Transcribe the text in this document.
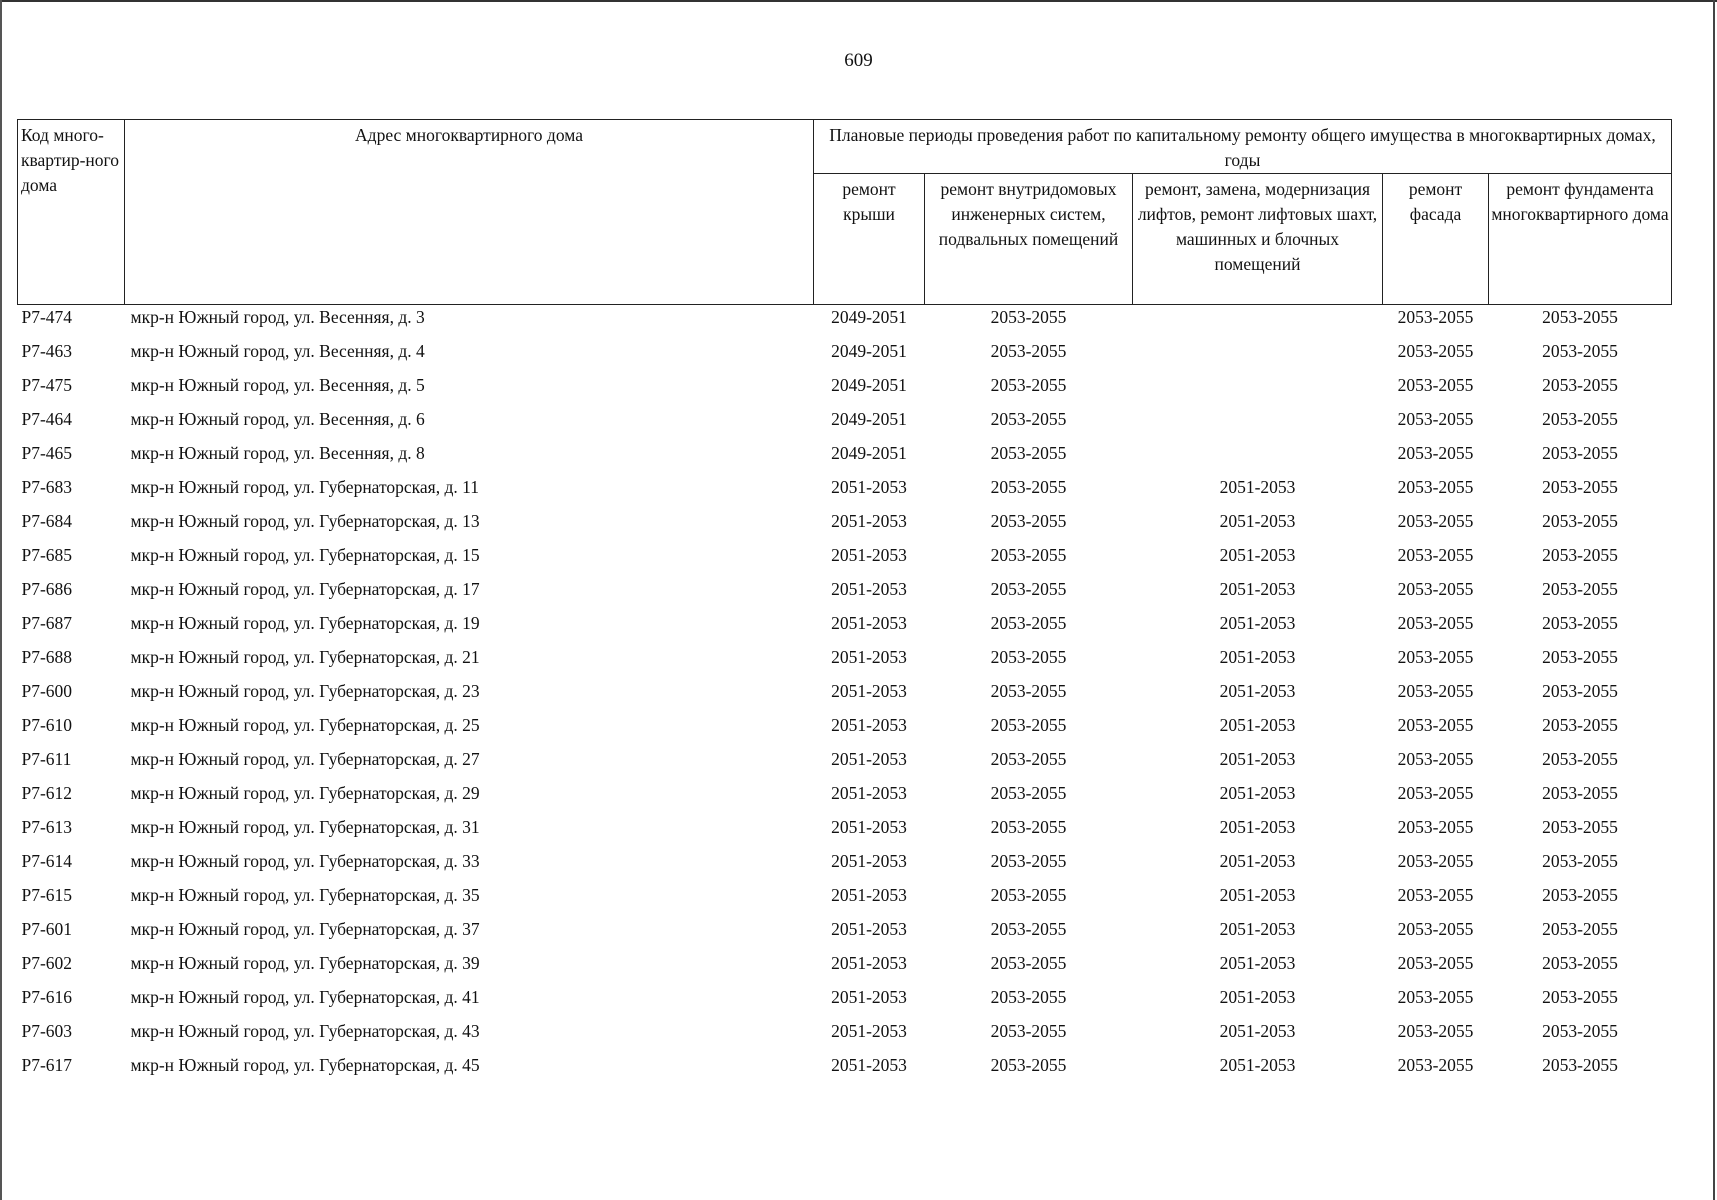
609
Код много-квартир-ного дома	Адрес многоквартирного дома	Плановые периоды проведения работ по капитальному ремонту общего имущества в многоквартирных домах, годы				
		ремонт крыши	ремонт внутридомовых инженерных систем, подвальных помещений	ремонт, замена, модернизация лифтов, ремонт лифтовых шахт, машинных и блочных помещений	ремонт фасада	ремонт фундамента многоквартирного дома
Р7-474	мкр-н Южный город, ул. Весенняя, д. 3	2049-2051	2053-2055		2053-2055	2053-2055
Р7-463	мкр-н Южный город, ул. Весенняя, д. 4	2049-2051	2053-2055		2053-2055	2053-2055
Р7-475	мкр-н Южный город, ул. Весенняя, д. 5	2049-2051	2053-2055		2053-2055	2053-2055
Р7-464	мкр-н Южный город, ул. Весенняя, д. 6	2049-2051	2053-2055		2053-2055	2053-2055
Р7-465	мкр-н Южный город, ул. Весенняя, д. 8	2049-2051	2053-2055		2053-2055	2053-2055
Р7-683	мкр-н Южный город, ул. Губернаторская, д. 11	2051-2053	2053-2055	2051-2053	2053-2055	2053-2055
Р7-684	мкр-н Южный город, ул. Губернаторская, д. 13	2051-2053	2053-2055	2051-2053	2053-2055	2053-2055
Р7-685	мкр-н Южный город, ул. Губернаторская, д. 15	2051-2053	2053-2055	2051-2053	2053-2055	2053-2055
Р7-686	мкр-н Южный город, ул. Губернаторская, д. 17	2051-2053	2053-2055	2051-2053	2053-2055	2053-2055
Р7-687	мкр-н Южный город, ул. Губернаторская, д. 19	2051-2053	2053-2055	2051-2053	2053-2055	2053-2055
Р7-688	мкр-н Южный город, ул. Губернаторская, д. 21	2051-2053	2053-2055	2051-2053	2053-2055	2053-2055
Р7-600	мкр-н Южный город, ул. Губернаторская, д. 23	2051-2053	2053-2055	2051-2053	2053-2055	2053-2055
Р7-610	мкр-н Южный город, ул. Губернаторская, д. 25	2051-2053	2053-2055	2051-2053	2053-2055	2053-2055
Р7-611	мкр-н Южный город, ул. Губернаторская, д. 27	2051-2053	2053-2055	2051-2053	2053-2055	2053-2055
Р7-612	мкр-н Южный город, ул. Губернаторская, д. 29	2051-2053	2053-2055	2051-2053	2053-2055	2053-2055
Р7-613	мкр-н Южный город, ул. Губернаторская, д. 31	2051-2053	2053-2055	2051-2053	2053-2055	2053-2055
Р7-614	мкр-н Южный город, ул. Губернаторская, д. 33	2051-2053	2053-2055	2051-2053	2053-2055	2053-2055
Р7-615	мкр-н Южный город, ул. Губернаторская, д. 35	2051-2053	2053-2055	2051-2053	2053-2055	2053-2055
Р7-601	мкр-н Южный город, ул. Губернаторская, д. 37	2051-2053	2053-2055	2051-2053	2053-2055	2053-2055
Р7-602	мкр-н Южный город, ул. Губернаторская, д. 39	2051-2053	2053-2055	2051-2053	2053-2055	2053-2055
Р7-616	мкр-н Южный город, ул. Губернаторская, д. 41	2051-2053	2053-2055	2051-2053	2053-2055	2053-2055
Р7-603	мкр-н Южный город, ул. Губернаторская, д. 43	2051-2053	2053-2055	2051-2053	2053-2055	2053-2055
Р7-617	мкр-н Южный город, ул. Губернаторская, д. 45	2051-2053	2053-2055	2051-2053	2053-2055	2053-2055
